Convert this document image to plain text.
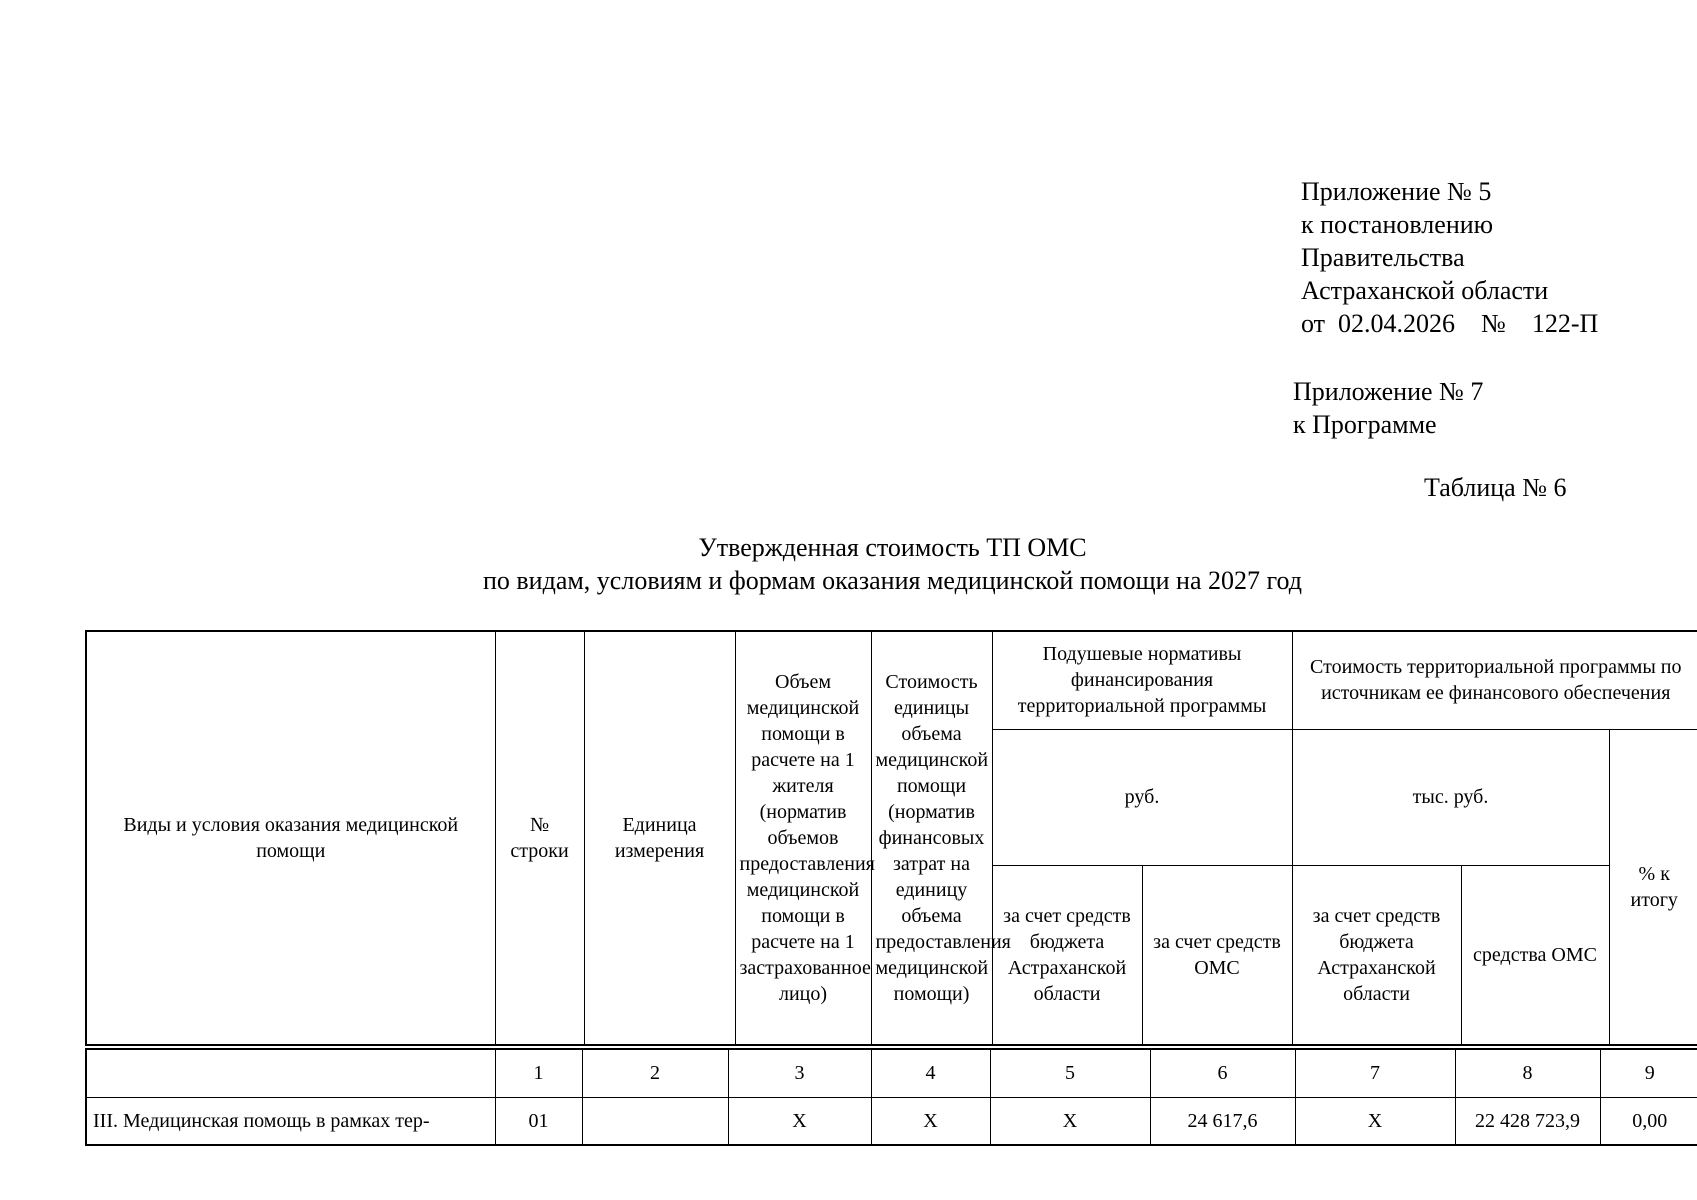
Приложение № 5
к постановлению
Правительства
Астраханской области
от  02.04.2026    №    122-П
Приложение № 7
к Программе
Таблица № 6
Утвержденная стоимость ТП ОМС
по видам, условиям и формам оказания медицинской помощи на 2027 год
Виды и условия оказания медицинской помощи	№ строки	Единица измерения	Объем медицинской помощи в расчете на 1 жителя (норматив объемов предоставления медицинской помощи в расчете на 1 застрахованное лицо)	Стоимость единицы объема медицинской помощи (норматив финансовых затрат на единицу объема предоставления медицинской помощи)	Подушевые нормативы финансирования территориальной программы		Стоимость территориальной программы по источникам ее финансового обеспечения		
					руб.		тыс. руб.		% к итогу
					за счет средств бюджета Астраханской области	за счет средств ОМС	за счет средств бюджета Астраханской области	средства ОМС	
	1	2	3	4	5	6	7	8	9
III. Медицинская помощь в рамках тер-	01		Х	Х	Х	24 617,6	Х	22 428 723,9	0,00
